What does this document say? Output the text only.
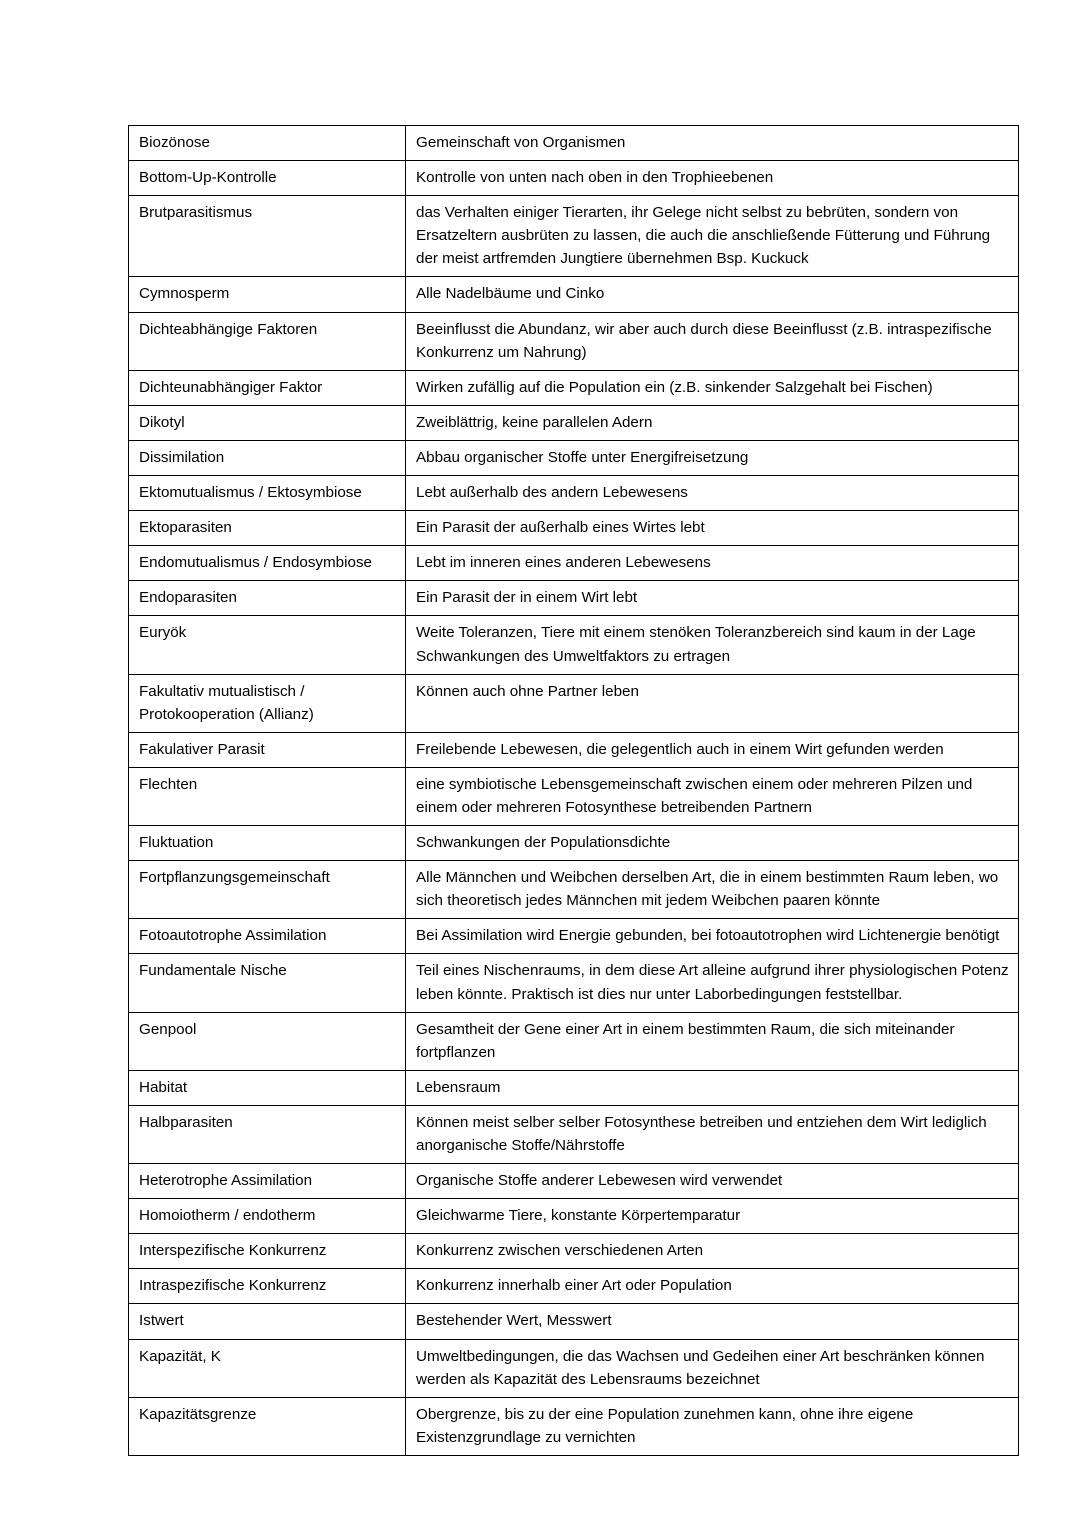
Biozönose	Gemeinschaft von Organismen
Bottom-Up-Kontrolle	Kontrolle von unten nach oben in den Trophieebenen
Brutparasitismus	das Verhalten einiger Tierarten, ihr Gelege nicht selbst zu bebrüten, sondern von Ersatzeltern ausbrüten zu lassen, die auch die anschließende Fütterung und Führung der meist artfremden Jungtiere übernehmen Bsp. Kuckuck
Cymnosperm	Alle Nadelbäume und Cinko
Dichteabhängige Faktoren	Beeinflusst die Abundanz, wir aber auch durch diese Beeinflusst (z.B. intraspezifische Konkurrenz um Nahrung)
Dichteunabhängiger Faktor	Wirken zufällig auf die Population ein (z.B. sinkender Salzgehalt bei Fischen)
Dikotyl	Zweiblättrig, keine parallelen Adern
Dissimilation	Abbau organischer Stoffe unter Energifreisetzung
Ektomutualismus / Ektosymbiose	Lebt außerhalb des andern Lebewesens
Ektoparasiten	Ein Parasit der außerhalb eines Wirtes lebt
Endomutualismus / Endosymbiose	Lebt im inneren eines anderen Lebewesens
Endoparasiten	Ein Parasit der in einem Wirt lebt
Euryök	Weite Toleranzen, Tiere mit einem stenöken Toleranzbereich sind kaum in der Lage Schwankungen des Umweltfaktors zu ertragen
Fakultativ mutualistisch / Protokooperation (Allianz)	Können auch ohne Partner leben
Fakulativer Parasit	Freilebende Lebewesen, die gelegentlich auch in einem Wirt gefunden werden
Flechten	eine symbiotische Lebensgemeinschaft zwischen einem oder mehreren Pilzen und einem oder mehreren Fotosynthese betreibenden Partnern
Fluktuation	Schwankungen der Populationsdichte
Fortpflanzungsgemeinschaft	Alle Männchen und Weibchen derselben Art, die in einem bestimmten Raum leben, wo sich theoretisch jedes Männchen mit jedem Weibchen paaren könnte
Fotoautotrophe Assimilation	Bei Assimilation wird Energie gebunden, bei fotoautotrophen wird Lichtenergie benötigt
Fundamentale Nische	Teil eines Nischenraums, in dem diese Art alleine aufgrund ihrer physiologischen Potenz leben könnte. Praktisch ist dies nur unter Laborbedingungen feststellbar.
Genpool	Gesamtheit der Gene einer Art in einem bestimmten Raum, die sich miteinander fortpflanzen
Habitat	Lebensraum
Halbparasiten	Können meist selber selber Fotosynthese betreiben und entziehen dem Wirt lediglich anorganische Stoffe/Nährstoffe
Heterotrophe Assimilation	Organische Stoffe anderer Lebewesen wird verwendet
Homoiotherm / endotherm	Gleichwarme Tiere, konstante Körpertemparatur
Interspezifische Konkurrenz	Konkurrenz zwischen verschiedenen Arten
Intraspezifische Konkurrenz	Konkurrenz innerhalb einer Art oder Population
Istwert	Bestehender Wert, Messwert
Kapazität, K	Umweltbedingungen, die das Wachsen und Gedeihen einer Art beschränken können werden als Kapazität des Lebensraums bezeichnet
Kapazitätsgrenze	Obergrenze, bis zu der eine Population zunehmen kann, ohne ihre eigene Existenzgrundlage zu vernichten
